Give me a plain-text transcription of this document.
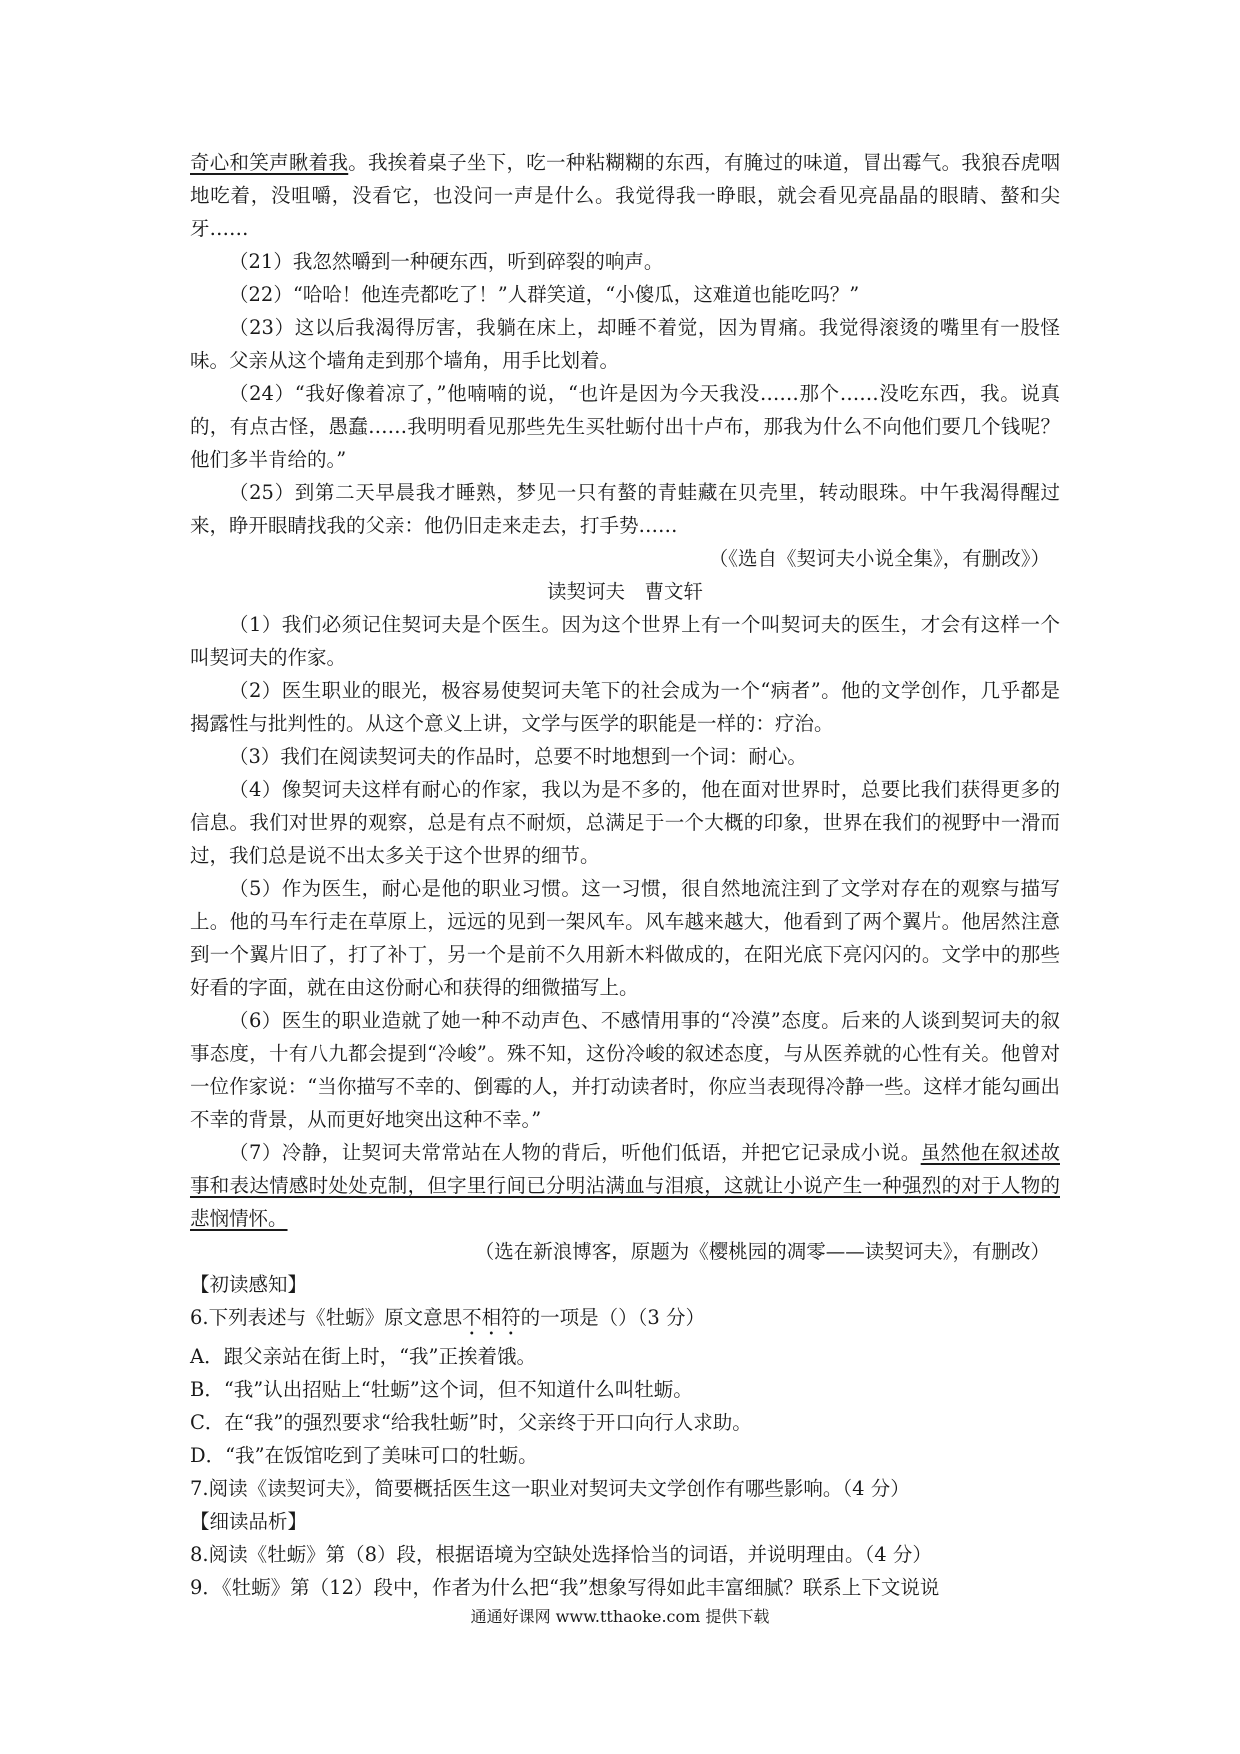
奇心和笑声瞅着我。我挨着桌子坐下，吃一种粘糊糊的东西，有腌过的味道，冒出霉气。我狼吞虎咽地吃着，没咀嚼，没看它，也没问一声是什么。我觉得我一睁眼，就会看见亮晶晶的眼睛、螯和尖牙……

（21）我忽然嚼到一种硬东西，听到碎裂的响声。

（22）“哈哈！他连壳都吃了！”人群笑道，“小傻瓜，这难道也能吃吗？”

（23）这以后我渴得厉害，我躺在床上，却睡不着觉，因为胃痛。我觉得滚烫的嘴里有一股怪味。父亲从这个墙角走到那个墙角，用手比划着。

（24）“我好像着凉了，”他喃喃的说，“也许是因为今天我没……那个……没吃东西，我。说真的，有点古怪，愚蠢……我明明看见那些先生买牡蛎付出十卢布，那我为什么不向他们要几个钱呢？他们多半肯给的。”

（25）到第二天早晨我才睡熟，梦见一只有螯的青蛙藏在贝壳里，转动眼珠。中午我渴得醒过来，睁开眼睛找我的父亲：他仍旧走来走去，打手势……

（《选自《契诃夫小说全集》，有删改》）

读契诃夫　曹文轩

（1）我们必须记住契诃夫是个医生。因为这个世界上有一个叫契诃夫的医生，才会有这样一个叫契诃夫的作家。

（2）医生职业的眼光，极容易使契诃夫笔下的社会成为一个“病者”。他的文学创作，几乎都是揭露性与批判性的。从这个意义上讲，文学与医学的职能是一样的：疗治。

（3）我们在阅读契诃夫的作品时，总要不时地想到一个词：耐心。

（4）像契诃夫这样有耐心的作家，我以为是不多的，他在面对世界时，总要比我们获得更多的信息。我们对世界的观察，总是有点不耐烦，总满足于一个大概的印象，世界在我们的视野中一滑而过，我们总是说不出太多关于这个世界的细节。

（5）作为医生，耐心是他的职业习惯。这一习惯，很自然地流注到了文学对存在的观察与描写上。他的马车行走在草原上，远远的见到一架风车。风车越来越大，他看到了两个翼片。他居然注意到一个翼片旧了，打了补丁，另一个是前不久用新木料做成的，在阳光底下亮闪闪的。文学中的那些好看的字面，就在由这份耐心和获得的细微描写上。

（6）医生的职业造就了她一种不动声色、不感情用事的“冷漠”态度。后来的人谈到契诃夫的叙事态度，十有八九都会提到“冷峻”。殊不知，这份冷峻的叙述态度，与从医养就的心性有关。他曾对一位作家说：“当你描写不幸的、倒霉的人，并打动读者时，你应当表现得冷静一些。这样才能勾画出不幸的背景，从而更好地突出这种不幸。”

（7）冷静，让契诃夫常常站在人物的背后，听他们低语，并把它记录成小说。虽然他在叙述故事和表达情感时处处克制，但字里行间已分明沾满血与泪痕，这就让小说产生一种强烈的对于人物的悲悯情怀。

（选在新浪博客，原题为《樱桃园的凋零——读契诃夫》，有删改）

【初读感知】

6.下列表述与《牡蛎》原文意思不相符的一项是（）（3 分）

A．跟父亲站在街上时，“我”正挨着饿。

B．“我”认出招贴上“牡蛎”这个词，但不知道什么叫牡蛎。

C．在“我”的强烈要求“给我牡蛎”时，父亲终于开口向行人求助。

D．“我”在饭馆吃到了美味可口的牡蛎。

7.阅读《读契诃夫》，简要概括医生这一职业对契诃夫文学创作有哪些影响。（4 分）

【细读品析】

8.阅读《牡蛎》第（8）段，根据语境为空缺处选择恰当的词语，并说明理由。（4 分）

9．《牡蛎》第（12）段中，作者为什么把“我”想象写得如此丰富细腻？联系上下文说说

通通好课网 www.tthaoke.com 提供下载
